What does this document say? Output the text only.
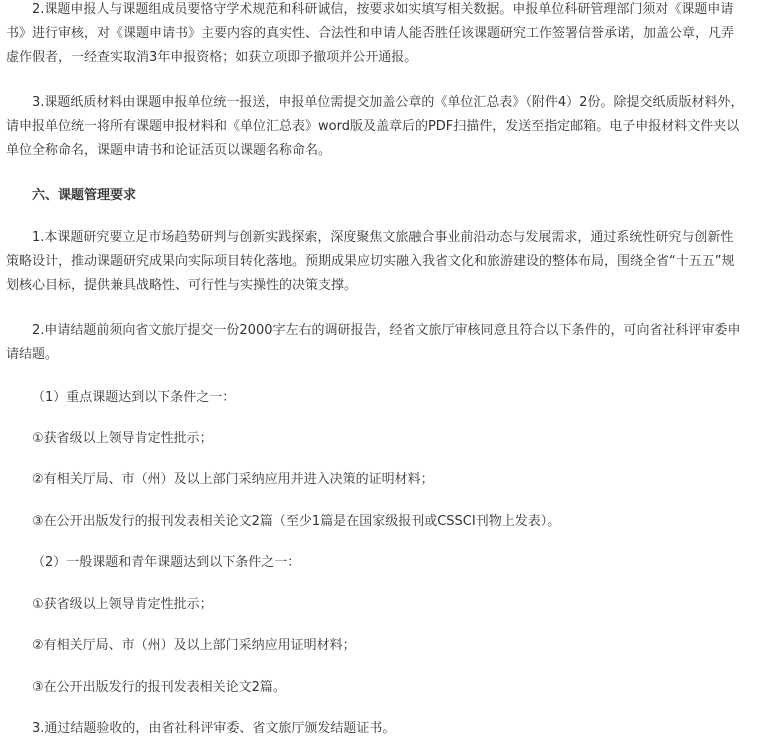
2.课题申报人与课题组成员要恪守学术规范和科研诚信，按要求如实填写相关数据。申报单位科研管理部门须对《课题申请书》进行审核，对《课题申请书》主要内容的真实性、合法性和申请人能否胜任该课题研究工作签署信誉承诺，加盖公章，凡弄虚作假者，一经查实取消3年申报资格；如获立项即予撤项并公开通报。

3.课题纸质材料由课题申报单位统一报送，申报单位需提交加盖公章的《单位汇总表》（附件4）2份。除提交纸质版材料外，请申报单位统一将所有课题申报材料和《单位汇总表》word版及盖章后的PDF扫描件，发送至指定邮箱。电子申报材料文件夹以单位全称命名，课题申请书和论证活页以课题名称命名。

六、课题管理要求

1.本课题研究要立足市场趋势研判与创新实践探索，深度聚焦文旅融合事业前沿动态与发展需求，通过系统性研究与创新性策略设计，推动课题研究成果向实际项目转化落地。预期成果应切实融入我省文化和旅游建设的整体布局，围绕全省“十五五”规划核心目标，提供兼具战略性、可行性与实操性的决策支撑。

2.申请结题前须向省文旅厅提交一份2000字左右的调研报告，经省文旅厅审核同意且符合以下条件的，可向省社科评审委申请结题。

（1）重点课题达到以下条件之一：

①获省级以上领导肯定性批示；

②有相关厅局、市（州）及以上部门采纳应用并进入决策的证明材料；

③在公开出版发行的报刊发表相关论文2篇（至少1篇是在国家级报刊或CSSCI刊物上发表）。

（2）一般课题和青年课题达到以下条件之一：

①获省级以上领导肯定性批示；

②有相关厅局、市（州）及以上部门采纳应用证明材料；

③在公开出版发行的报刊发表相关论文2篇。

3.通过结题验收的，由省社科评审委、省文旅厅颁发结题证书。
